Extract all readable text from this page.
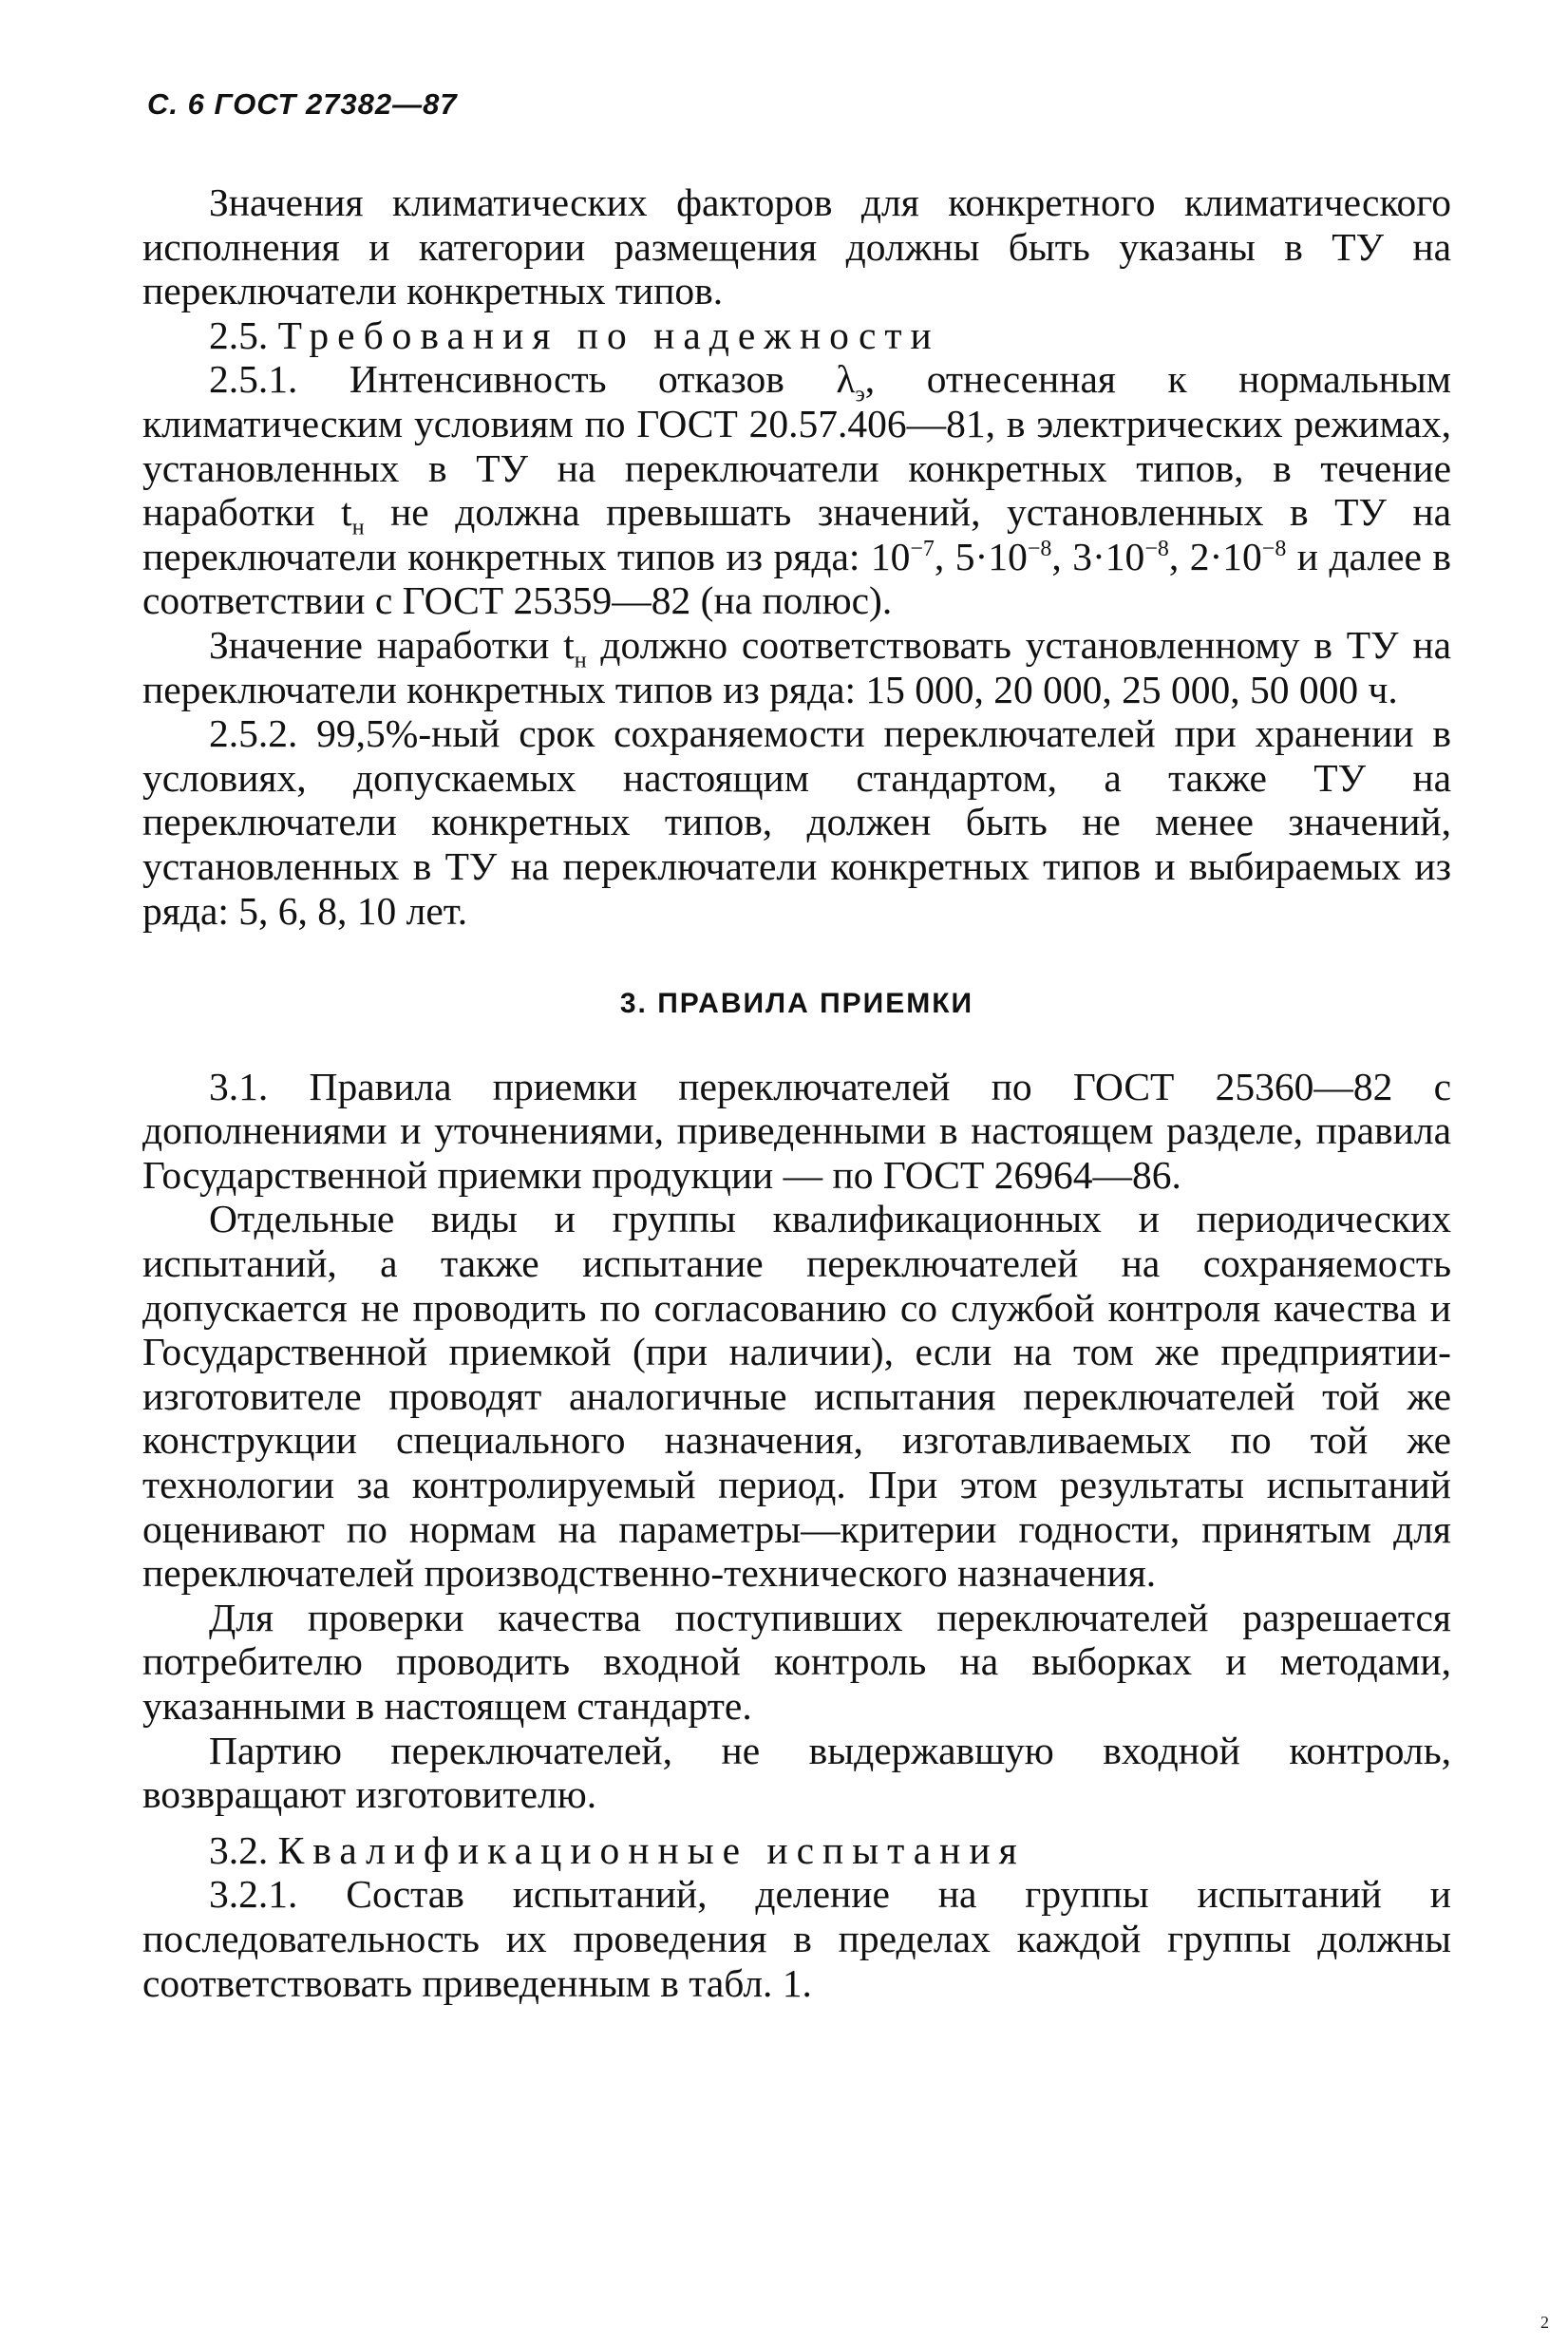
С. 6 ГОСТ 27382—87

Значения климатических факторов для конкретного климатического исполнения и категории размещения должны быть указаны в ТУ на переключатели конкретных типов.

2.5. Требования по надежности

2.5.1. Интенсивность отказов $\lambda_э$, отнесенная к нормальным климатическим условиям по ГОСТ 20.57.406—81, в электрических режимах, установленных в ТУ на переключатели конкретных типов, в течение наработки $t_н$ не должна превышать значений, установленных в ТУ на переключатели конкретных типов из ряда: $10^{-7}$, $5\cdot 10^{-8}$, $3\cdot 10^{-8}$, $2\cdot 10^{-8}$ и далее в соответствии с ГОСТ 25359—82 (на полюс).

Значение наработки $t_н$ должно соответствовать установленному в ТУ на переключатели конкретных типов из ряда: 15 000, 20 000, 25 000, 50 000 ч.

2.5.2. 99,5%-ный срок сохраняемости переключателей при хранении в условиях, допускаемых настоящим стандартом, а также ТУ на переключатели конкретных типов, должен быть не менее значений, установленных в ТУ на переключатели конкретных типов и выбираемых из ряда: 5, 6, 8, 10 лет.

3. ПРАВИЛА ПРИЕМКИ

3.1. Правила приемки переключателей по ГОСТ 25360—82 с дополнениями и уточнениями, приведенными в настоящем разделе, правила Государственной приемки продукции — по ГОСТ 26964—86.

Отдельные виды и группы квалификационных и периодических испытаний, а также испытание переключателей на сохраняемость допускается не проводить по согласованию со службой контроля качества и Государственной приемкой (при наличии), если на том же предприятии-изготовителе проводят аналогичные испытания переключателей той же конструкции специального назначения, изготавливаемых по той же технологии за контролируемый период. При этом результаты испытаний оценивают по нормам на параметры—критерии годности, принятым для переключателей производственно-технического назначения.

Для проверки качества поступивших переключателей разрешается потребителю проводить входной контроль на выборках и методами, указанными в настоящем стандарте.

Партию переключателей, не выдержавшую входной контроль, возвращают изготовителю.

3.2. Квалификационные испытания

3.2.1. Состав испытаний, деление на группы испытаний и последовательность их проведения в пределах каждой группы должны соответствовать приведенным в табл. 1.

2
